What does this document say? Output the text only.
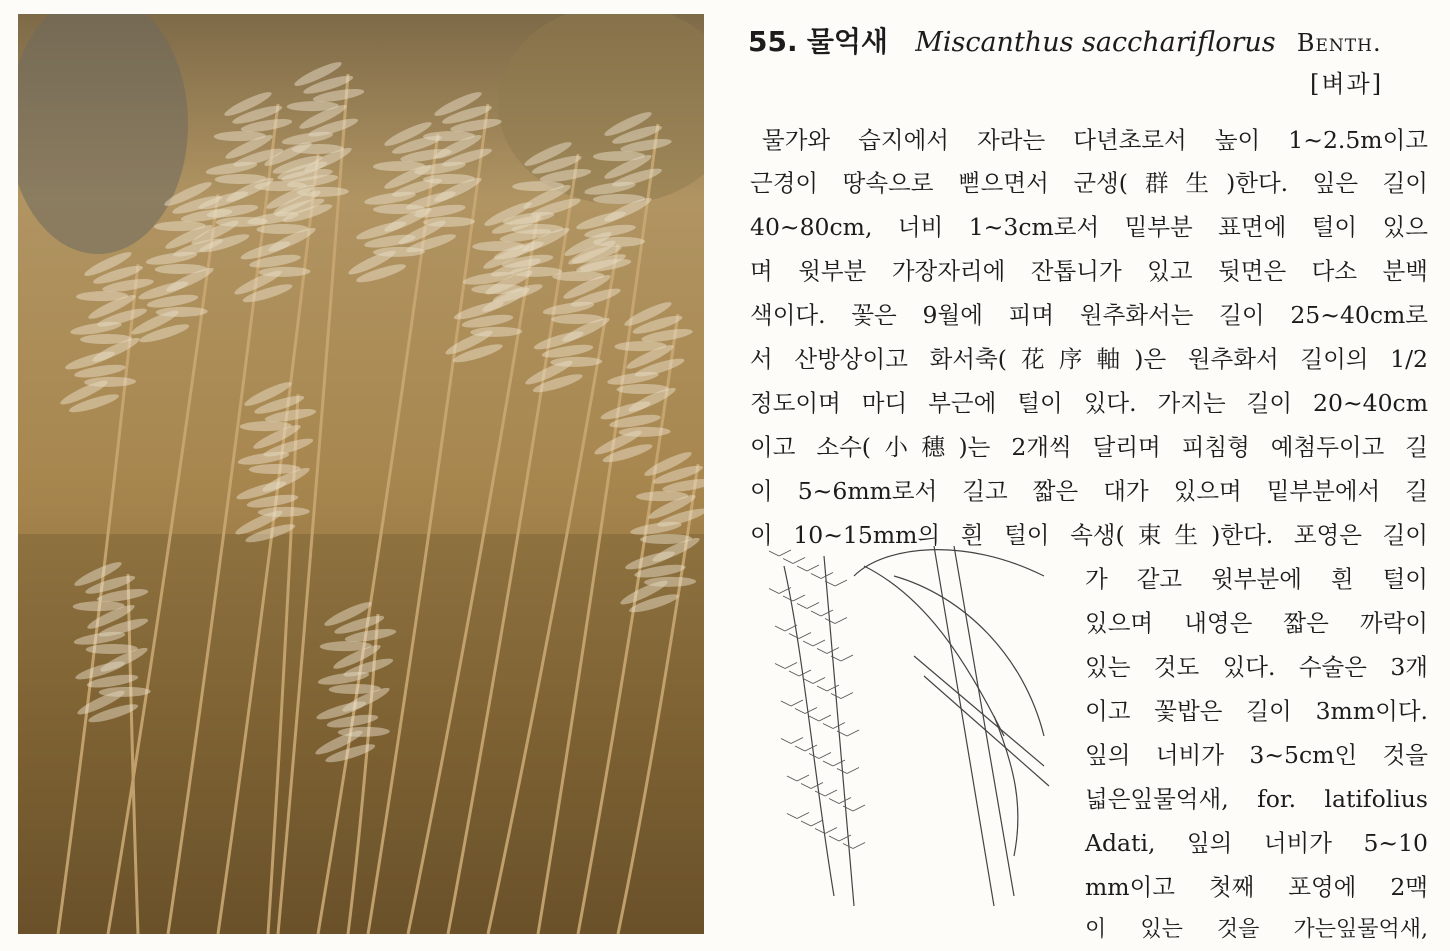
55. 물억새 Miscanthus sacchariflorus Benth.
[벼과]
물가와 습지에서 자라는 다년초로서 높이 1~2.5m이고
근경이 땅속으로 뻗으면서 군생(群生)한다. 잎은 길이
40~80cm, 너비 1~3cm로서 밑부분 표면에 털이 있으
며 윗부분 가장자리에 잔톱니가 있고 뒷면은 다소 분백
색이다. 꽃은 9월에 피며 원추화서는 길이 25~40cm로
서 산방상이고 화서축(花序軸)은 원추화서 길이의 1/2
정도이며 마디 부근에 털이 있다. 가지는 길이 20~40cm
이고 소수(小穗)는 2개씩 달리며 피침형 예첨두이고 길
이 5~6mm로서 길고 짧은 대가 있으며 밑부분에서 길
이 10~15mm의 흰 털이 속생(束生)한다. 포영은 길이
가 같고 윗부분에 흰 털이
있으며 내영은 짧은 까락이
있는 것도 있다. 수술은 3개
이고 꽃밥은 길이 3mm이다.
잎의 너비가 3~5cm인 것을
넓은잎물억새, for. latifolius
Adati, 잎의 너비가 5~10
mm이고 첫째 포영에 2맥
이 있는 것을 가는잎물억새,
